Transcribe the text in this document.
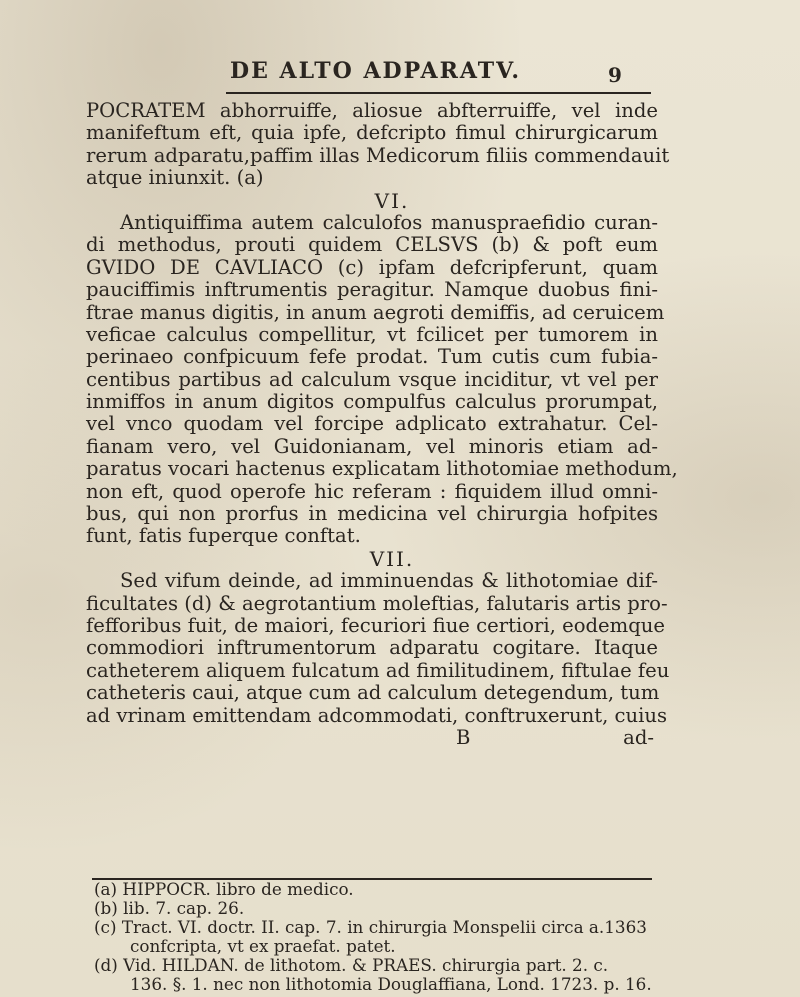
DE ALTO ADPARATV.	9
POCRATEM abhorruiffe, aliosue abfterruiffe, vel inde
manifeftum eft, quia ipfe, defcripto fimul chirurgicarum
rerum adparatu,paffim illas Medicorum filiis commendauit
atque iniunxit. (a)
VI.
Antiquiffima autem calculofos manuspraefidio curan-
di methodus, prouti quidem CELSVS (b) & poft eum
GVIDO DE CAVLIACO (c) ipfam defcripferunt, quam
pauciffimis inftrumentis peragitur. Namque duobus fini-
ftrae manus digitis, in anum aegroti demiffis, ad ceruicem
veficae calculus compellitur, vt fcilicet per tumorem in
perinaeo confpicuum fefe prodat. Tum cutis cum fubia-
centibus partibus ad calculum vsque inciditur, vt vel per
inmiffos in anum digitos compulfus calculus prorumpat,
vel vnco quodam vel forcipe adplicato extrahatur. Cel-
fianam vero, vel Guidonianam, vel minoris etiam ad-
paratus vocari hactenus explicatam lithotomiae methodum,
non eft, quod operofe hic referam : fiquidem illud omni-
bus, qui non prorfus in medicina vel chirurgia hofpites
funt, fatis fuperque conftat.
VII.
Sed vifum deinde, ad imminuendas & lithotomiae dif-
ficultates (d) & aegrotantium moleftias, falutaris artis pro-
fefforibus fuit, de maiori, fecuriori fiue certiori, eodemque
commodiori inftrumentorum adparatu cogitare. Itaque
catheterem aliquem fulcatum ad fimilitudinem, fiftulae feu
catheteris caui, atque cum ad calculum detegendum, tum
ad vrinam emittendam adcommodati, conftruxerunt, cuius
B	ad-
(a) HIPPOCR. libro de medico.
(b) lib. 7. cap. 26.
(c) Tract. VI. doctr. II. cap. 7. in chirurgia Monspelii circa a.1363
confcripta, vt ex praefat. patet.
(d) Vid. HILDAN. de lithotom. & PRAES. chirurgia part. 2. c.
136. §. 1. nec non lithotomia Douglaffiana, Lond. 1723. p. 16.
